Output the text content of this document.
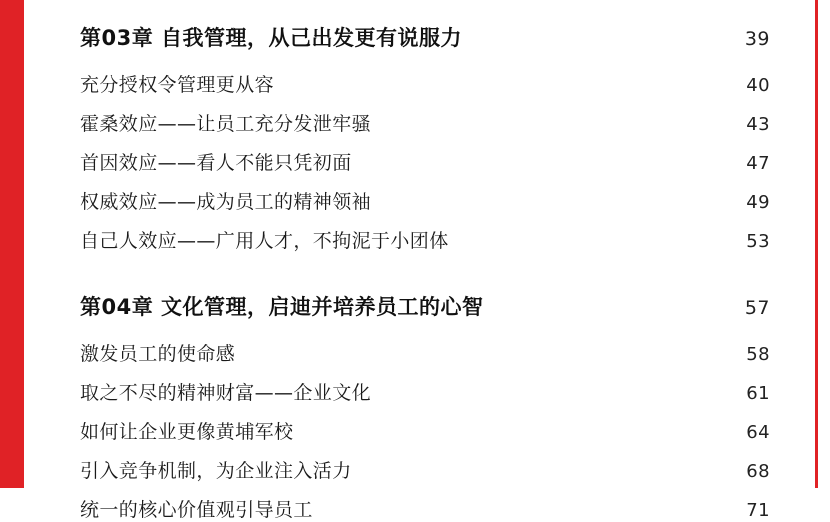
第03章 自我管理，从己出发更有说服力	39
充分授权令管理更从容	40
霍桑效应——让员工充分发泄牢骚	43
首因效应——看人不能只凭初面	47
权威效应——成为员工的精神领袖	49
自己人效应——广用人才，不拘泥于小团体	53
第04章 文化管理，启迪并培养员工的心智	57
激发员工的使命感	58
取之不尽的精神财富——企业文化	61
如何让企业更像黄埔军校	64
引入竞争机制，为企业注入活力	68
统一的核心价值观引导员工	71
